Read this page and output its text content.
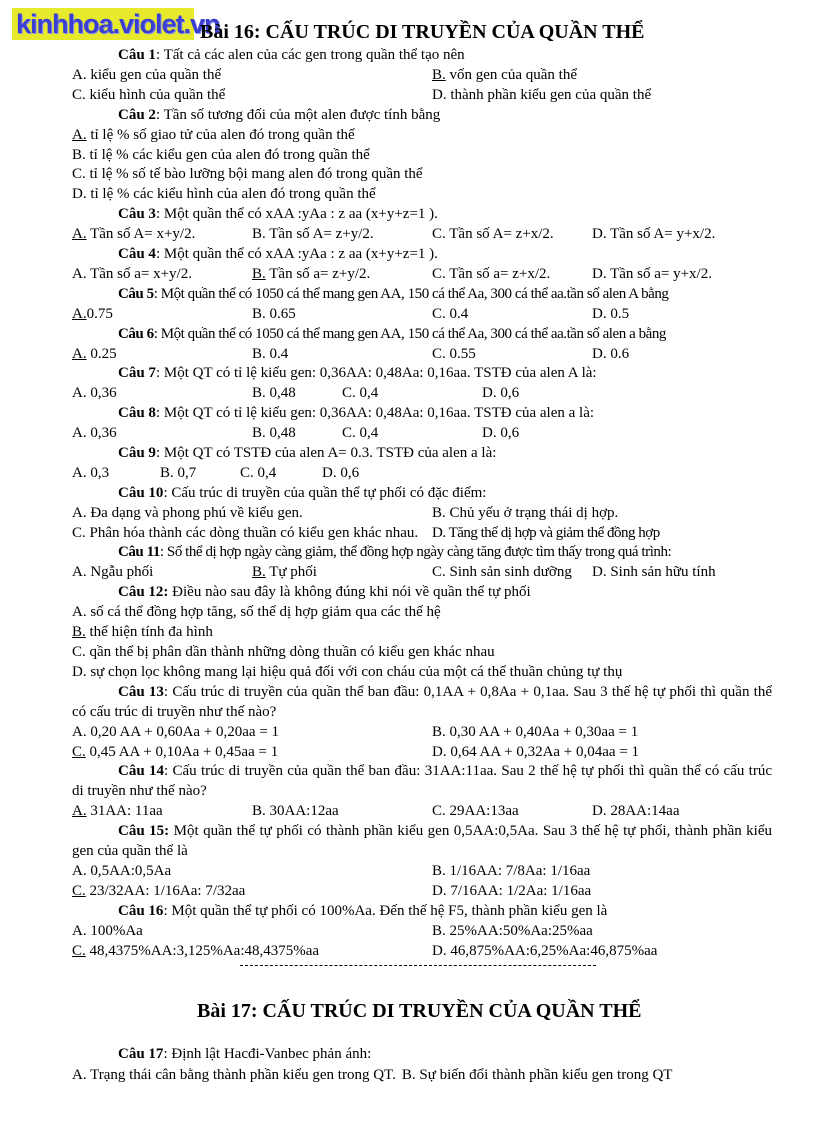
kinhhoa.violet.vn
Bài 16: CẤU TRÚC DI TRUYỀN CỦA QUẦN THỂ

Câu 1: Tất cả các alen của các gen trong quần thể tạo nên

A. kiểu gen của quần thể	B. vốn gen của quần thể
C. kiểu hình của quần thể	D. thành phần kiểu gen của quần thể

Câu 2: Tần số tương đối của một alen được tính bằng

A. tỉ lệ % số giao tử của alen đó trong quần thể
B. tỉ lệ % các kiểu gen của alen đó trong quần thể
C. tỉ lệ % số tế bào lưỡng bội mang alen đó trong quần thể
D. tỉ lệ % các kiểu hình của alen đó trong quần thể

Câu 3: Một quần thể có xAA :yAa : z aa (x+y+z=1 ).

A. Tần số A= x+y/2.	B. Tần số A= z+y/2.	C. Tần số A= z+x/2.	D. Tần số A= y+x/2.

Câu 4: Một quần thể có xAA :yAa : z aa (x+y+z=1 ).

A. Tần số a= x+y/2.	B. Tần số a= z+y/2.	C. Tần số a= z+x/2.	D. Tần số a= y+x/2.

Câu 5: Một quần thể có 1050 cá thể mang gen AA, 150 cá thể Aa, 300 cá thể aa.tần số alen A bằng

A.0.75	B. 0.65	C. 0.4	D. 0.5

Câu 6: Một quần thể có 1050 cá thể mang gen AA, 150 cá thể Aa, 300 cá thể aa.tần số alen a bằng

A. 0.25	B. 0.4	C. 0.55	D. 0.6

Câu 7: Một QT có tỉ lệ kiểu gen: 0,36AA: 0,48Aa: 0,16aa. TSTĐ của alen A là:

A. 0,36	B. 0,48	C. 0,4	D. 0,6

Câu 8: Một QT có tỉ lệ kiểu gen: 0,36AA: 0,48Aa: 0,16aa. TSTĐ của alen a là:

A. 0,36	B. 0,48	C. 0,4	D. 0,6

Câu 9: Một QT có TSTĐ của alen A= 0.3. TSTĐ của alen a là:

A. 0,3	B. 0,7	C. 0,4	D. 0,6

Câu 10: Cấu trúc di truyền của quần thể tự phối có đặc điểm:

A. Đa dạng và phong phú về kiểu gen.	B. Chủ yếu ở trạng thái dị hợp.
C. Phân hóa thành các dòng thuần có kiểu gen khác nhau. D. Tăng thể dị hợp và giảm thể đồng hợp

Câu 11: Số thể dị hợp ngày càng giảm, thể đồng hợp ngày càng tăng được tìm thấy trong quá trình:

A. Ngẫu phối	B. Tự phối	C. Sinh sản sinh dưỡng D. Sinh sản hữu tính

Câu 12: Điều nào sau đây là không đúng khi nói về quần thể tự phối

A. số cá thể đồng hợp tăng, số thể dị hợp giảm qua các thế hệ
B. thể hiện tính đa hình
C. qần thể bị phân dần thành những dòng thuần có kiểu gen khác nhau
D. sự chọn lọc không mang lại hiệu quả đối với con cháu của một cá thể thuần chủng tự thụ

Câu 13: Cấu trúc di truyền của quần thể ban đầu: 0,1AA + 0,8Aa + 0,1aa. Sau 3 thế hệ tự phối thì quần thể có cấu trúc di truyền như thế nào?

A. 0,20 AA + 0,60Aa + 0,20aa = 1	B. 0,30 AA + 0,40Aa + 0,30aa = 1
C. 0,45 AA + 0,10Aa + 0,45aa = 1	D. 0,64 AA + 0,32Aa + 0,04aa = 1

Câu 14: Cấu trúc di truyền của quần thể ban đầu: 31AA:11aa. Sau 2 thế hệ tự phối thì quần thể có cấu trúc di truyền như thế nào?

A. 31AA: 11aa	B. 30AA:12aa	C. 29AA:13aa	D. 28AA:14aa

Câu 15: Một quần thể tự phối có thành phần kiểu gen 0,5AA:0,5Aa. Sau 3 thế hệ tự phối, thành phần kiểu gen của quần thể là

A. 0,5AA:0,5Aa	B. 1/16AA: 7/8Aa: 1/16aa
C. 23/32AA: 1/16Aa: 7/32aa	D. 7/16AA: 1/2Aa: 1/16aa

Câu 16: Một quần thể tự phối có 100%Aa. Đến thế hệ F5, thành phần kiểu gen là

A. 100%Aa	B. 25%AA:50%Aa:25%aa
C. 48,4375%AA:3,125%Aa:48,4375%aa	D. 46,875%AA:6,25%Aa:46,875%aa
Bài 17: CẤU TRÚC DI TRUYỀN CỦA QUẦN THỂ

Câu 17: Định lật Hacđi-Vanbec phản ánh:

A. Trạng thái cân bằng thành phần kiểu gen trong QT. B. Sự biến đổi thành phần kiểu gen trong QT
